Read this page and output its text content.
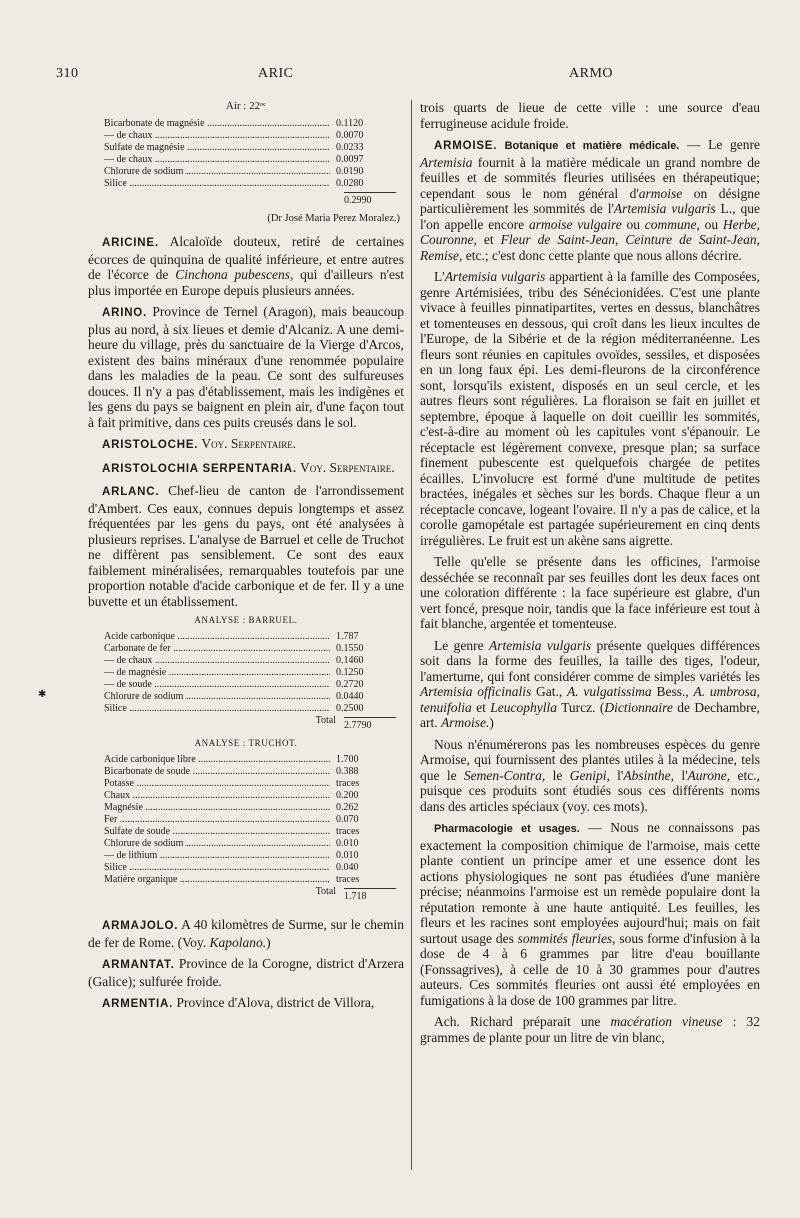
310	ARIC	ARMO
✱
Air : 22ᵒᶜ
Bicarbonate de magnésie .....	0.1120
— de chaux .....	0.0070
Sulfate de magnésie .....	0.0233
— de chaux .....	0.0097
Chlorure de sodium .....	0.0190
Silice .....	0.0280
0.2990
(Dr José Maria Perez Moralez.)

ARICINE. Alcaloïde douteux, retiré de certaines écorces de quinquina de qualité inférieure, et entre autres de l'écorce de Cinchona pubescens, qui d'ailleurs n'est plus importée en Europe depuis plusieurs années.

ARINO. Province de Ternel (Aragon), mais beaucoup plus au nord, à six lieues et demie d'Alcaniz. A une demi-heure du village, près du sanctuaire de la Vierge d'Arcos, existent des bains minéraux d'une renommée populaire dans les maladies de la peau. Ce sont des sulfureuses douces. Il n'y a pas d'établissement, mais les indigènes et les gens du pays se baignent en plein air, d'une façon tout à fait primitive, dans ces puits creusés dans le sol.

ARISTOLOCHE. Voy. Serpentaire.

ARISTOLOCHIA SERPENTARIA. Voy. Serpentaire.

ARLANC. Chef-lieu de canton de l'arrondissement d'Ambert. Ces eaux, connues depuis longtemps et assez fréquentées par les gens du pays, ont été analysées à plusieurs reprises. L'analyse de Barruel et celle de Truchot ne diffèrent pas sensiblement. Ce sont des eaux faiblement minéralisées, remarquables toutefois par une proportion notable d'acide carbonique et de fer. Il y a une buvette et un établissement.

ANALYSE : BARRUEL.
Acide carbonique .....	1.787
Carbonate de fer .....	0.1550
— de chaux .....	0.1460
— de magnésie .....	0.1250
— de soude .....	0.2720
Chlorure de sodium .....	0.0440
Silice .....	0.2500
Total 2.7790
ANALYSE : TRUCHOT.
Acide carbonique libre .....	1.700
Bicarbonate de soude .....	0.388
Potasse .....	traces
Chaux .....	0.200
Magnésie .....	0.262
Fer .....	0.070
Sulfate de soude .....	traces
Chlorure de sodium .....	0.010
— de lithium .....	0.010
Silice .....	0.040
Matière organique .....	traces
Total 1.718

ARMAJOLO. A 40 kilomètres de Surme, sur le chemin de fer de Rome. (Voy. Kapolano.)

ARMANTAT. Province de la Corogne, district d'Arzera (Galice); sulfurée froide.

ARMENTIA. Province d'Alova, district de Villora,

trois quarts de lieue de cette ville : une source d'eau ferrugineuse acidule froide.

ARMOISE. Botanique et matière médicale. — Le genre Artemisia fournit à la matière médicale un grand nombre de feuilles et de sommités fleuries utilisées en thérapeutique; cependant sous le nom général d'armoise on désigne particulièrement les sommités de l'Artemisia vulgaris L., que l'on appelle encore armoise vulgaire ou commune, ou Herbe, Couronne, et Fleur de Saint-Jean, Ceinture de Saint-Jean, Remise, etc.; c'est donc cette plante que nous allons décrire.

L'Artemisia vulgaris appartient à la famille des Composées, genre Artémisiées, tribu des Sénécionidées. C'est une plante vivace à feuilles pinnatipartites, vertes en dessus, blanchâtres et tomenteuses en dessous, qui croît dans les lieux incultes de l'Europe, de la Sibérie et de la région méditerranéenne. Les fleurs sont réunies en capitules ovoïdes, sessiles, et disposées en un long faux épi. Les demi-fleurons de la circonférence sont, lorsqu'ils existent, disposés en un seul cercle, et les autres fleurs sont régulières. La floraison se fait en juillet et septembre, époque à laquelle on doit cueillir les sommités, c'est-à-dire au moment où les capitules vont s'épanouir. Le réceptacle est légèrement convexe, presque plan; sa surface finement pubescente est quelquefois chargée de petites écailles. L'involucre est formé d'une multitude de petites bractées, inégales et sèches sur les bords. Chaque fleur a un réceptacle concave, logeant l'ovaire. Il n'y a pas de calice, et la corolle gamopétale est partagée supérieurement en cinq dents irrégulières. Le fruit est un akène sans aigrette.

Telle qu'elle se présente dans les officines, l'armoise desséchée se reconnaît par ses feuilles dont les deux faces ont une coloration différente : la face supérieure est glabre, d'un vert foncé, presque noir, tandis que la face inférieure est tout à fait blanche, argentée et tomenteuse.

Le genre Artemisia vulgaris présente quelques différences soit dans la forme des feuilles, la taille des tiges, l'odeur, l'amertume, qui font considérer comme de simples variétés les Artemisia officinalis Gat., A. vulgatissima Bess., A. umbrosa, tenuifolia et Leucophylla Turcz. (Dictionnaire de Dechambre, art. Armoise.)

Nous n'énumérerons pas les nombreuses espèces du genre Armoise, qui fournissent des plantes utiles à la médecine, tels que le Semen-Contra, le Genipi, l'Absinthe, l'Aurone, etc., puisque ces produits sont étudiés sous ces différents noms dans des articles spéciaux (voy. ces mots).

Pharmacologie et usages. — Nous ne connaissons pas exactement la composition chimique de l'armoise, mais cette plante contient un principe amer et une essence dont les actions physiologiques ne sont pas étudiées d'une manière précise; néanmoins l'armoise est un remède populaire dont la réputation remonte à une haute antiquité. Les feuilles, les fleurs et les racines sont employées aujourd'hui; mais on fait surtout usage des sommités fleuries, sous forme d'infusion à la dose de 4 à 6 grammes par litre d'eau bouillante (Fonssagrives), à celle de 10 à 30 grammes pour d'autres auteurs. Ces sommités fleuries ont aussi été employées en fumigations à la dose de 100 grammes par litre.

Ach. Richard préparait une macération vineuse : 32 grammes de plante pour un litre de vin blanc,
